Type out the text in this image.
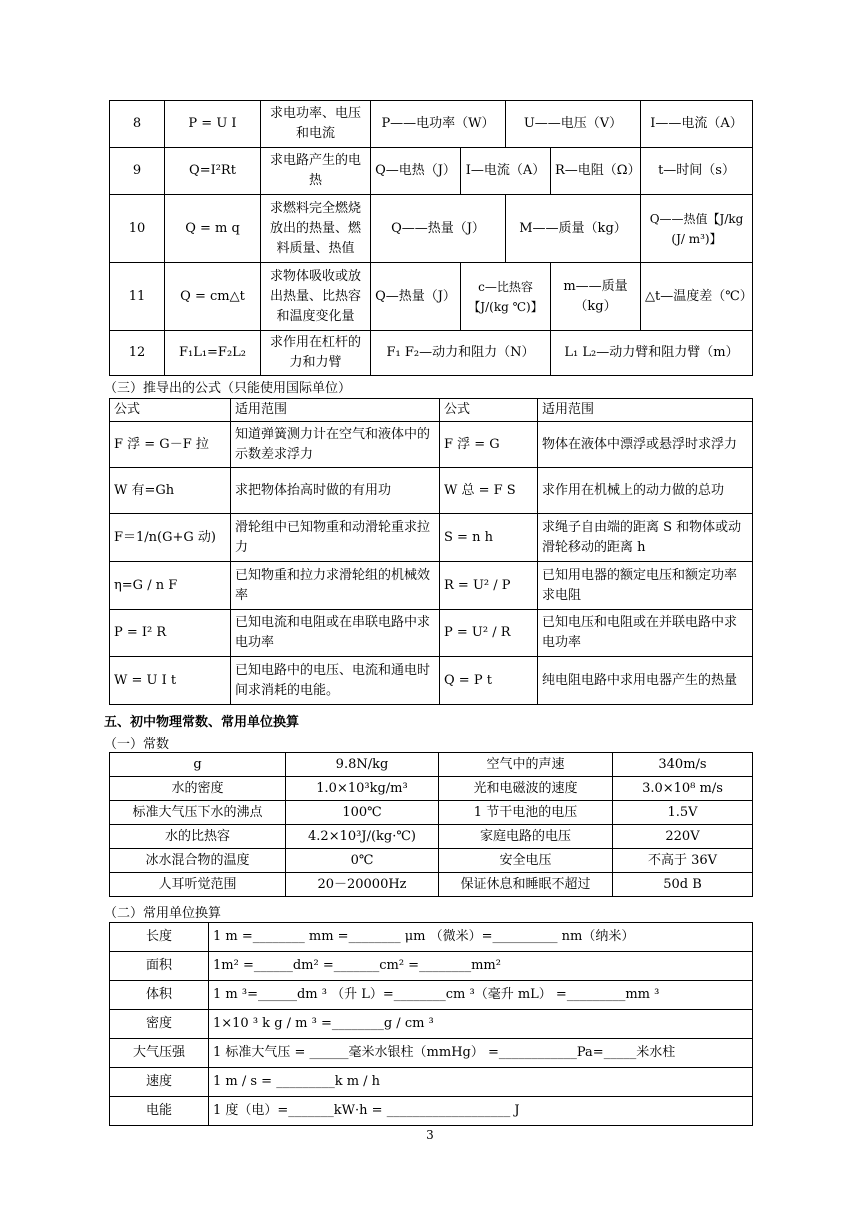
8	P = U I	求电功率、电压和电流	P——电功率（W）		U——电压（V）		I——电流（A）
9	Q=I²Rt	求电路产生的电热	Q—电热（J）	I—电流（A）		R—电阻（Ω）	t—时间（s）
10	Q = m q	求燃料完全燃烧放出的热量、燃料质量、热值	Q——热量（J）		M——质量（kg）		Q——热值【J/kg (J/ m³)】
11	Q = cm△t	求物体吸收或放出热量、比热容和温度变化量	Q—热量（J）	c—比热容【J/(kg ℃)】		m——质量（kg）	△t—温度差（℃）
12	F₁L₁=F₂L₂	求作用在杠杆的力和力臂	F₁ F₂—动力和阻力（N）			L₁ L₂—动力臂和阻力臂（m）	
（三）推导出的公式（只能使用国际单位）
公式	适用范围	公式	适用范围
F 浮 = G－F 拉	知道弹簧测力计在空气和液体中的示数差求浮力	F 浮 = G	物体在液体中漂浮或悬浮时求浮力
W 有=Gh	求把物体抬高时做的有用功	W 总 = F S	求作用在机械上的动力做的总功
F＝1/n(G+G 动)	滑轮组中已知物重和动滑轮重求拉力	S = n h	求绳子自由端的距离 S 和物体或动滑轮移动的距离 h
η=G / n F	已知物重和拉力求滑轮组的机械效率	R = U² / P	已知用电器的额定电压和额定功率求电阻
P = I² R	已知电流和电阻或在串联电路中求电功率	P = U² / R	已知电压和电阻或在并联电路中求电功率
W = U I t	已知电路中的电压、电流和通电时间求消耗的电能。	Q = P t	纯电阻电路中求用电器产生的热量
五、初中物理常数、常用单位换算
（一）常数
g	9.8N/kg	空气中的声速	340m/s
水的密度	1.0×10³kg/m³	光和电磁波的速度	3.0×10⁸ m/s
标准大气压下水的沸点	100℃	1 节干电池的电压	1.5V
水的比热容	4.2×10³J/(kg·℃)	家庭电路的电压	220V
冰水混合物的温度	0℃	安全电压	不高于 36V
人耳听觉范围	20－20000Hz	保证休息和睡眠不超过	50d B
（二）常用单位换算
长度	1 m =________ mm =________ μm （微米）=__________ nm（纳米）
面积	1m² =______dm² =_______cm² =________mm²
体积	1 m ³=______dm ³ （升 L）=________cm ³（毫升 mL） =_________mm ³
密度	1×10 ³ k g / m ³ =________g / cm ³
大气压强	1 标准大气压 = ______毫米水银柱（mmHg） =____________Pa=_____米水柱
速度	1 m / s = _________k m / h
电能	1 度（电）=_______kW·h = ___________________ J
3
